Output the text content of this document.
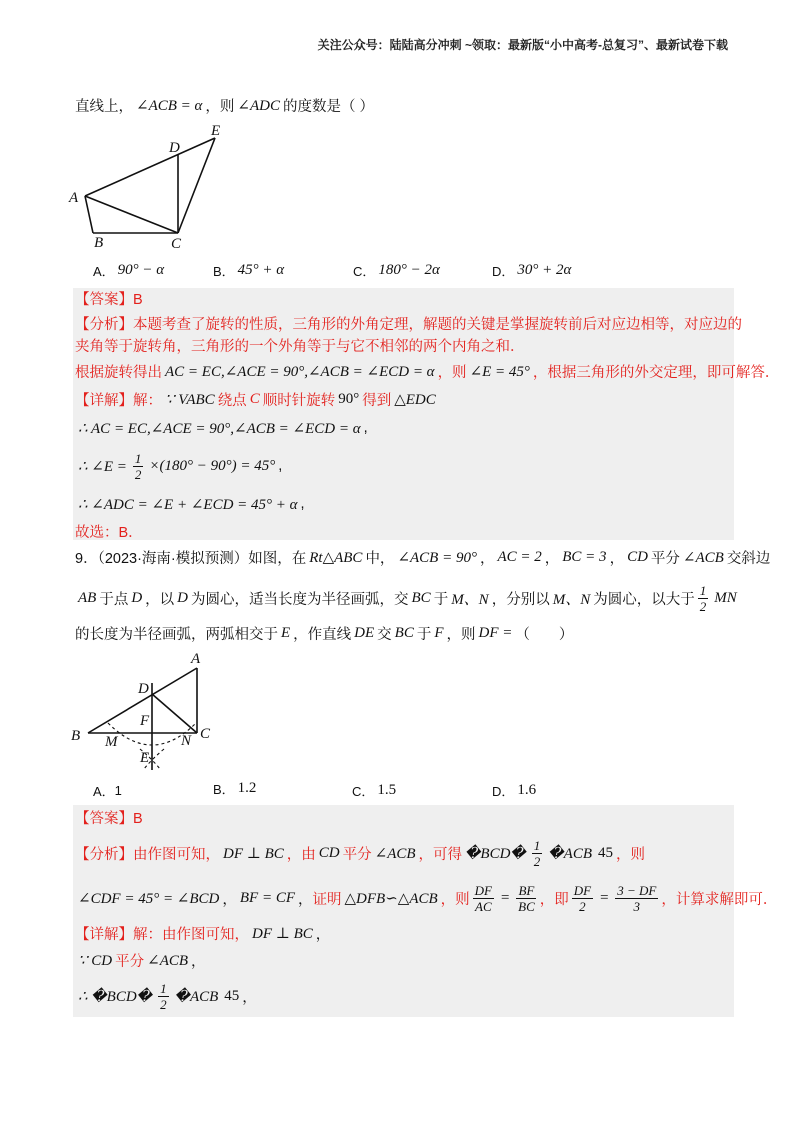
关注公众号：陆陆高分冲刺 ~领取：最新版“小中高考-总复习”、最新试卷下载
直线上， ∠ACB = α ，则 ∠ADC 的度数是（ ）
A
B	C
D
E
A． 90° − α	B． 45° + α	C． 180° − 2α	D． 30° + 2α
【答案】B
【分析】本题考查了旋转的性质，三角形的外角定理，解题的关键是掌握旋转前后对应边相等，对应边的
夹角等于旋转角，三角形的一个外角等于与它不相邻的两个内角之和．
根据旋转得出 AC = EC,∠ACE = 90°,∠ACB = ∠ECD = α ，则 ∠E = 45° ，根据三角形的外交定理，即可解答．
【详解】解： ∵ VABC 绕点 C 顺时针旋转 90° 得到 △EDC
∴ AC = EC,∠ACE = 90°,∠ACB = ∠ECD = α ,
∴ ∠E = $\frac{1}{2} \times(180^\circ - 90^\circ) = 45^\circ$ ,
∴ ∠ADC = ∠E + ∠ECD = 45° + α ,
故选：B．
9．（2023·海南·模拟预测）如图，在 Rt△ABC 中， ∠ACB = 90° ， AC = 2 ， BC = 3 ， CD 平分 ∠ACB 交斜边
AB 于点 D ，以 D 为圆心，适当长度为半径画弧，交 BC 于 M、N ，分别以 M、N 为圆心，以大于 $\frac{1}{2}$ MN
的长度为半径画弧，两弧相交于 E ，作直线 DE 交 BC 于 F ，则 DF = （　　）
A
D
F
B	C
M	N
E
A． 1	B． 1.2	C． 1.5	D． 1.6
【答案】B
【分析】由作图可知， DF ⊥ BC ，由 CD 平分 ∠ACB ，可得 �BCD� $\frac{1}{2}$ �ACB 45 ，则
∠CDF = 45° = ∠BCD ， BF = CF ， 证明 △DFB∽△ACB ，则 $\frac{DF}{AC} = \frac{BF}{BC}$ ，即 $\frac{DF}{2} = \frac{3 - DF}{3}$ ，计算求解即可．
【详解】解：由作图可知， DF ⊥ BC ，
∵ CD 平分 ∠ACB ，
∴ �BCD� $\frac{1}{2}$ �ACB 45 ，
